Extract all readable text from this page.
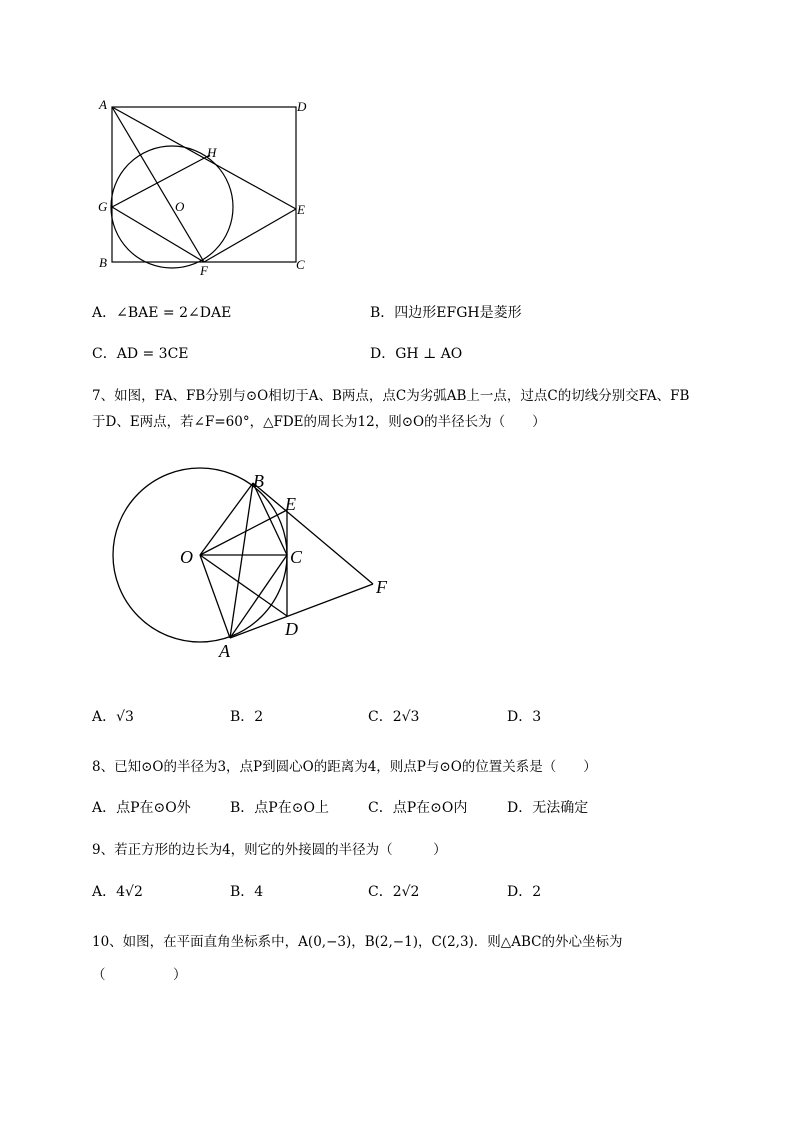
A	D
H
G	O	E
B
F	C
A．∠BAE = 2∠DAE	B．四边形EFGH是菱形
C．AD = 3CE	D．GH ⊥ AO
7、如图，FA、FB分别与⊙O相切于A、B两点，点C为劣弧AB上一点，过点C的切线分别交FA、FB
于D、E两点，若∠F=60°，△FDE的周长为12，则⊙O的半径长为（　　）
O
B
E
C
F
D
A
A．√3	B．2	C．2√3	D．3
8、已知⊙O的半径为3，点P到圆心O的距离为4，则点P与⊙O的位置关系是（　　）
A．点P在⊙O外	B．点P在⊙O上	C．点P在⊙O内	D．无法确定
9、若正方形的边长为4，则它的外接圆的半径为（　　　）
A．4√2	B．4	C．2√2	D．2
10、如图，在平面直角坐标系中，A(0,−3)，B(2,−1)，C(2,3)．则△ABC的外心坐标为
（　　　　　）
